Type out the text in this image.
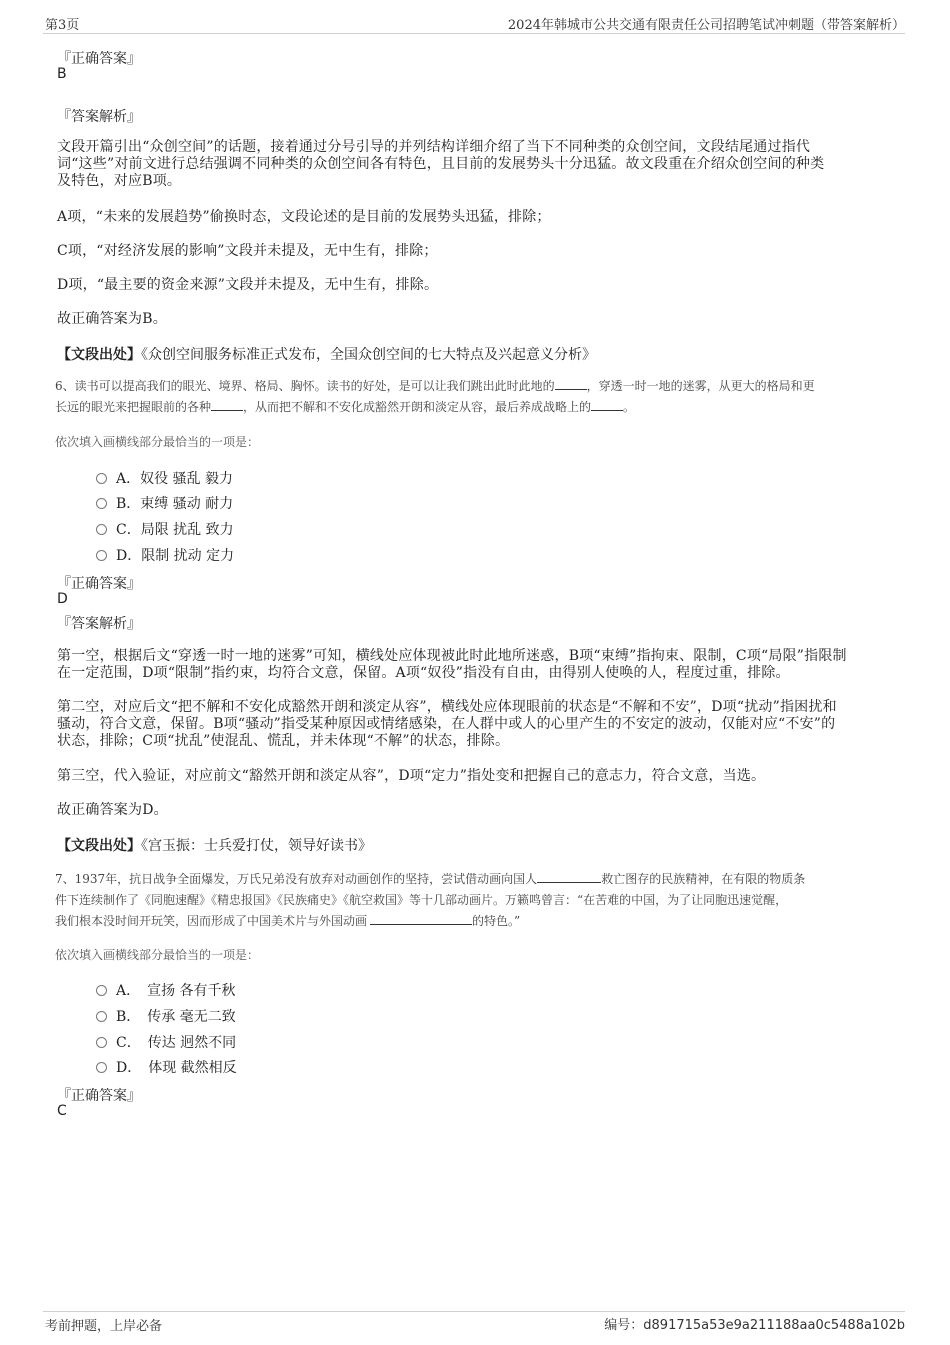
第3页	2024年韩城市公共交通有限责任公司招聘笔试冲刺题（带答案解析）
『正确答案』
B
『答案解析』
文段开篇引出“众创空间”的话题，接着通过分号引导的并列结构详细介绍了当下不同种类的众创空间，文段结尾通过指代
词“这些”对前文进行总结强调不同种类的众创空间各有特色，且目前的发展势头十分迅猛。故文段重在介绍众创空间的种类
及特色，对应B项。
A项，“未来的发展趋势”偷换时态，文段论述的是目前的发展势头迅猛，排除；
C项，“对经济发展的影响”文段并未提及，无中生有，排除；
D项，“最主要的资金来源”文段并未提及，无中生有，排除。
故正确答案为B。
【文段出处】《众创空间服务标准正式发布，全国众创空间的七大特点及兴起意义分析》
6、读书可以提高我们的眼光、境界、格局、胸怀。读书的好处，是可以让我们跳出此时此地的	，穿透一时一地的迷雾，从更大的格局和更
长远的眼光来把握眼前的各种	，从而把不解和不安化成豁然开朗和淡定从容，最后养成战略上的	。
依次填入画横线部分最恰当的一项是：
A．奴役 骚乱 毅力
B．束缚 骚动 耐力
C．局限 扰乱 致力
D．限制 扰动 定力
『正确答案』
D
『答案解析』
第一空，根据后文“穿透一时一地的迷雾”可知，横线处应体现被此时此地所迷惑，B项“束缚”指拘束、限制，C项“局限”指限制
在一定范围，D项“限制”指约束，均符合文意，保留。A项“奴役”指没有自由，由得别人使唤的人，程度过重，排除。
第二空，对应后文“把不解和不安化成豁然开朗和淡定从容”，横线处应体现眼前的状态是“不解和不安”，D项“扰动”指困扰和
骚动，符合文意，保留。B项“骚动”指受某种原因或情绪感染，在人群中或人的心里产生的不安定的波动，仅能对应“不安”的
状态，排除；C项“扰乱”使混乱、慌乱，并未体现“不解”的状态，排除。
第三空，代入验证，对应前文“豁然开朗和淡定从容”，D项“定力”指处变和把握自己的意志力，符合文意，当选。
故正确答案为D。
【文段出处】《宫玉振：士兵爱打仗，领导好读书》
7、1937年，抗日战争全面爆发，万氏兄弟没有放弃对动画创作的坚持，尝试借动画向国人	救亡图存的民族精神，在有限的物质条
件下连续制作了《同胞速醒》《精忠报国》《民族痛史》《航空救国》等十几部动画片。万籁鸣曾言：“在苦难的中国，为了让同胞迅速觉醒，
我们根本没时间开玩笑，因而形成了中国美术片与外国动画	的特色。”
依次填入画横线部分最恰当的一项是：
A．　宣扬 各有千秋
B．　传承 毫无二致
C．　传达 迥然不同
D．　体现 截然相反
『正确答案』
C
考前押题，上岸必备	编号：d891715a53e9a211188aa0c5488a102b
